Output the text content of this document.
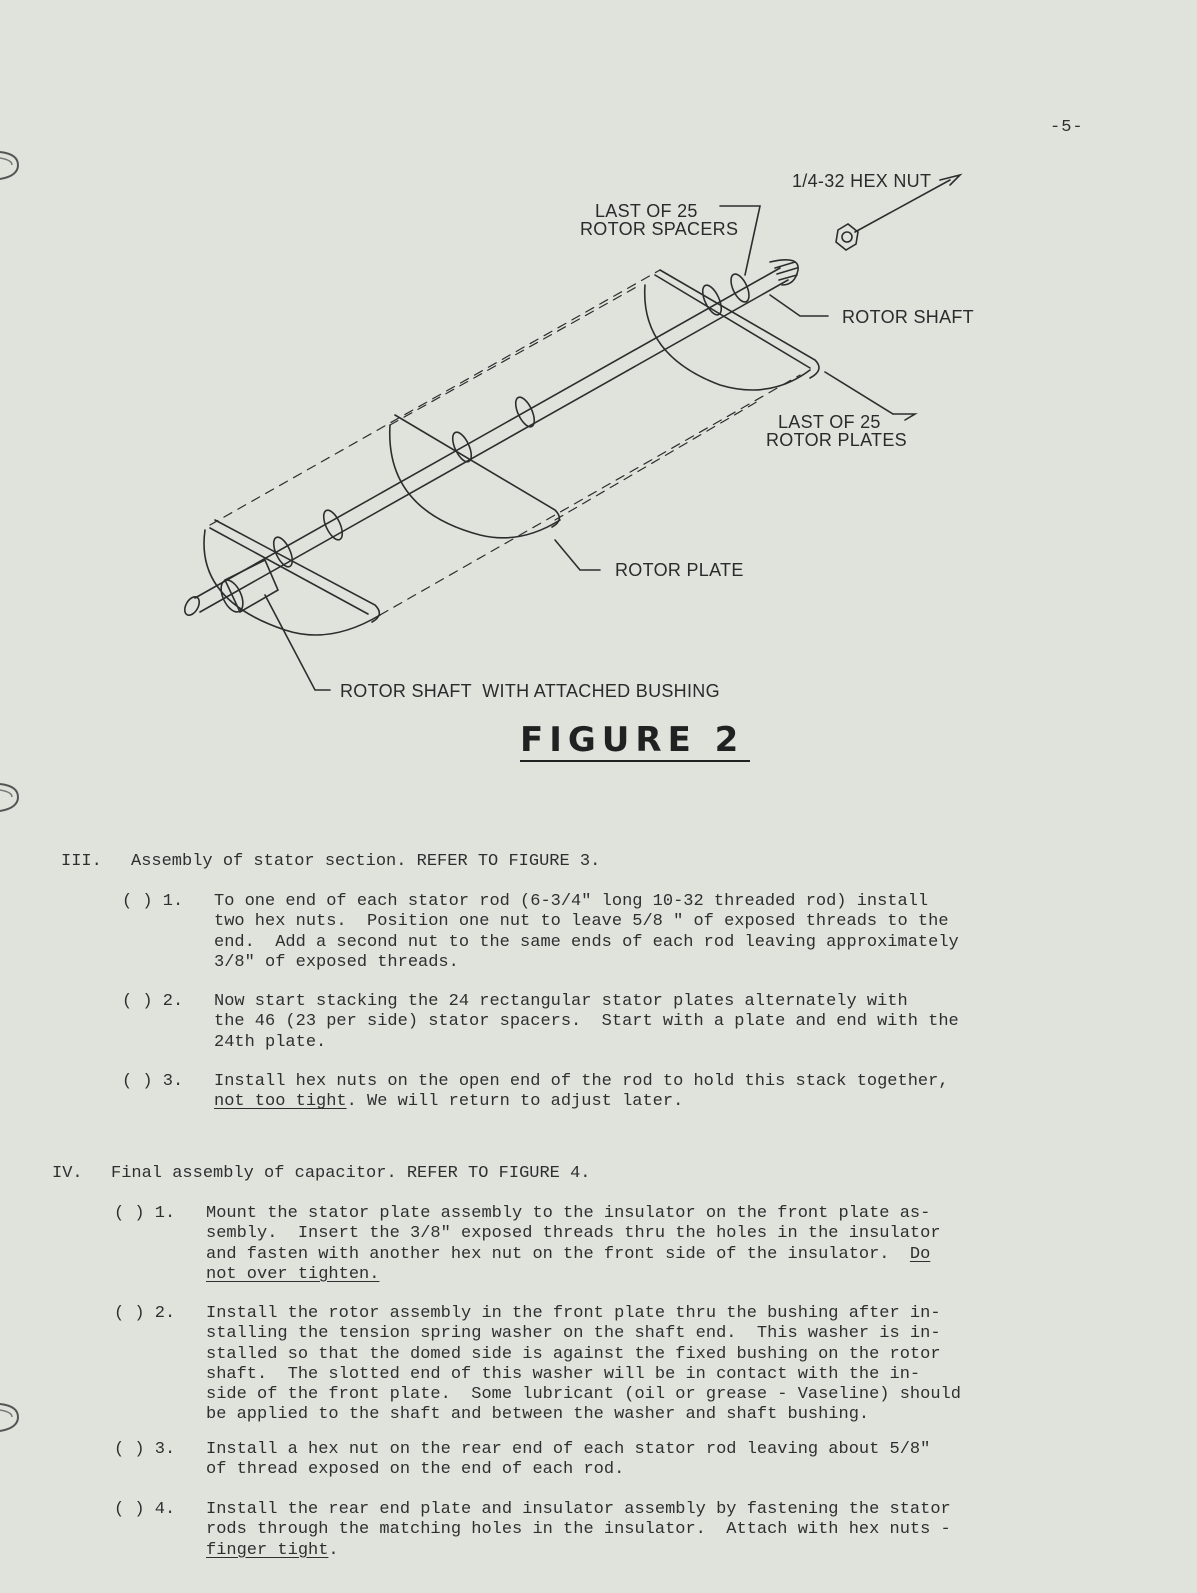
-5-
1/4-32 HEX NUT
LAST OF 25
ROTOR SPACERS
ROTOR SHAFT
LAST OF 25
ROTOR PLATES
ROTOR PLATE
ROTOR SHAFT  WITH ATTACHED BUSHING
FIGURE 2
III. Assembly of stator section. REFER TO FIGURE 3.
( ) 1. To one end of each stator rod (6-3/4" long 10-32 threaded rod) install
two hex nuts.  Position one nut to leave 5/8 " of exposed threads to the
end.  Add a second nut to the same ends of each rod leaving approximately
3/8" of exposed threads.
( ) 2. Now start stacking the 24 rectangular stator plates alternately with
the 46 (23 per side) stator spacers.  Start with a plate and end with the
24th plate.
( ) 3. Install hex nuts on the open end of the rod to hold this stack together,
not too tight. We will return to adjust later.
IV. Final assembly of capacitor. REFER TO FIGURE 4.
( ) 1. Mount the stator plate assembly to the insulator on the front plate as-
sembly.  Insert the 3/8" exposed threads thru the holes in the insulator
and fasten with another hex nut on the front side of the insulator.  Do
not over tighten.
( ) 2. Install the rotor assembly in the front plate thru the bushing after in-
stalling the tension spring washer on the shaft end.  This washer is in-
stalled so that the domed side is against the fixed bushing on the rotor
shaft.  The slotted end of this washer will be in contact with the in-
side of the front plate.  Some lubricant (oil or grease - Vaseline) should
be applied to the shaft and between the washer and shaft bushing.
( ) 3. Install a hex nut on the rear end of each stator rod leaving about 5/8"
of thread exposed on the end of each rod.
( ) 4. Install the rear end plate and insulator assembly by fastening the stator
rods through the matching holes in the insulator.  Attach with hex nuts -
finger tight.
